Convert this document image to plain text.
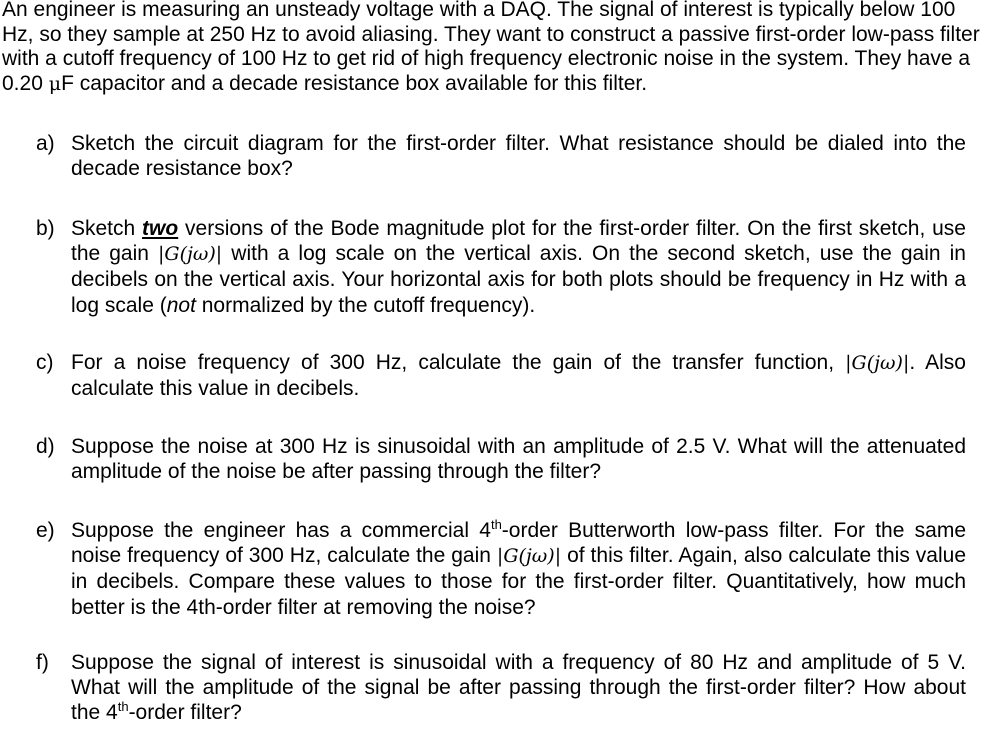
An engineer is measuring an unsteady voltage with a DAQ. The signal of interest is typically below 100 Hz, so they sample at 250 Hz to avoid aliasing. They want to construct a passive first-order low-pass filter with a cutoff frequency of 100 Hz to get rid of high frequency electronic noise in the system. They have a 0.20 μF capacitor and a decade resistance box available for this filter.

a) Sketch the circuit diagram for the first-order filter. What resistance should be dialed into the decade resistance box?
b) Sketch two versions of the Bode magnitude plot for the first-order filter. On the first sketch, use the gain |G(jω)| with a log scale on the vertical axis. On the second sketch, use the gain in decibels on the vertical axis. Your horizontal axis for both plots should be frequency in Hz with a log scale (not normalized by the cutoff frequency).
c) For a noise frequency of 300 Hz, calculate the gain of the transfer function, |G(jω)|. Also calculate this value in decibels.
d) Suppose the noise at 300 Hz is sinusoidal with an amplitude of 2.5 V. What will the attenuated amplitude of the noise be after passing through the filter?
e) Suppose the engineer has a commercial 4th-order Butterworth low-pass filter. For the same noise frequency of 300 Hz, calculate the gain |G(jω)| of this filter. Again, also calculate this value in decibels. Compare these values to those for the first-order filter. Quantitatively, how much better is the 4th-order filter at removing the noise?
f) Suppose the signal of interest is sinusoidal with a frequency of 80 Hz and amplitude of 5 V. What will the amplitude of the signal be after passing through the first-order filter? How about the 4th-order filter?
